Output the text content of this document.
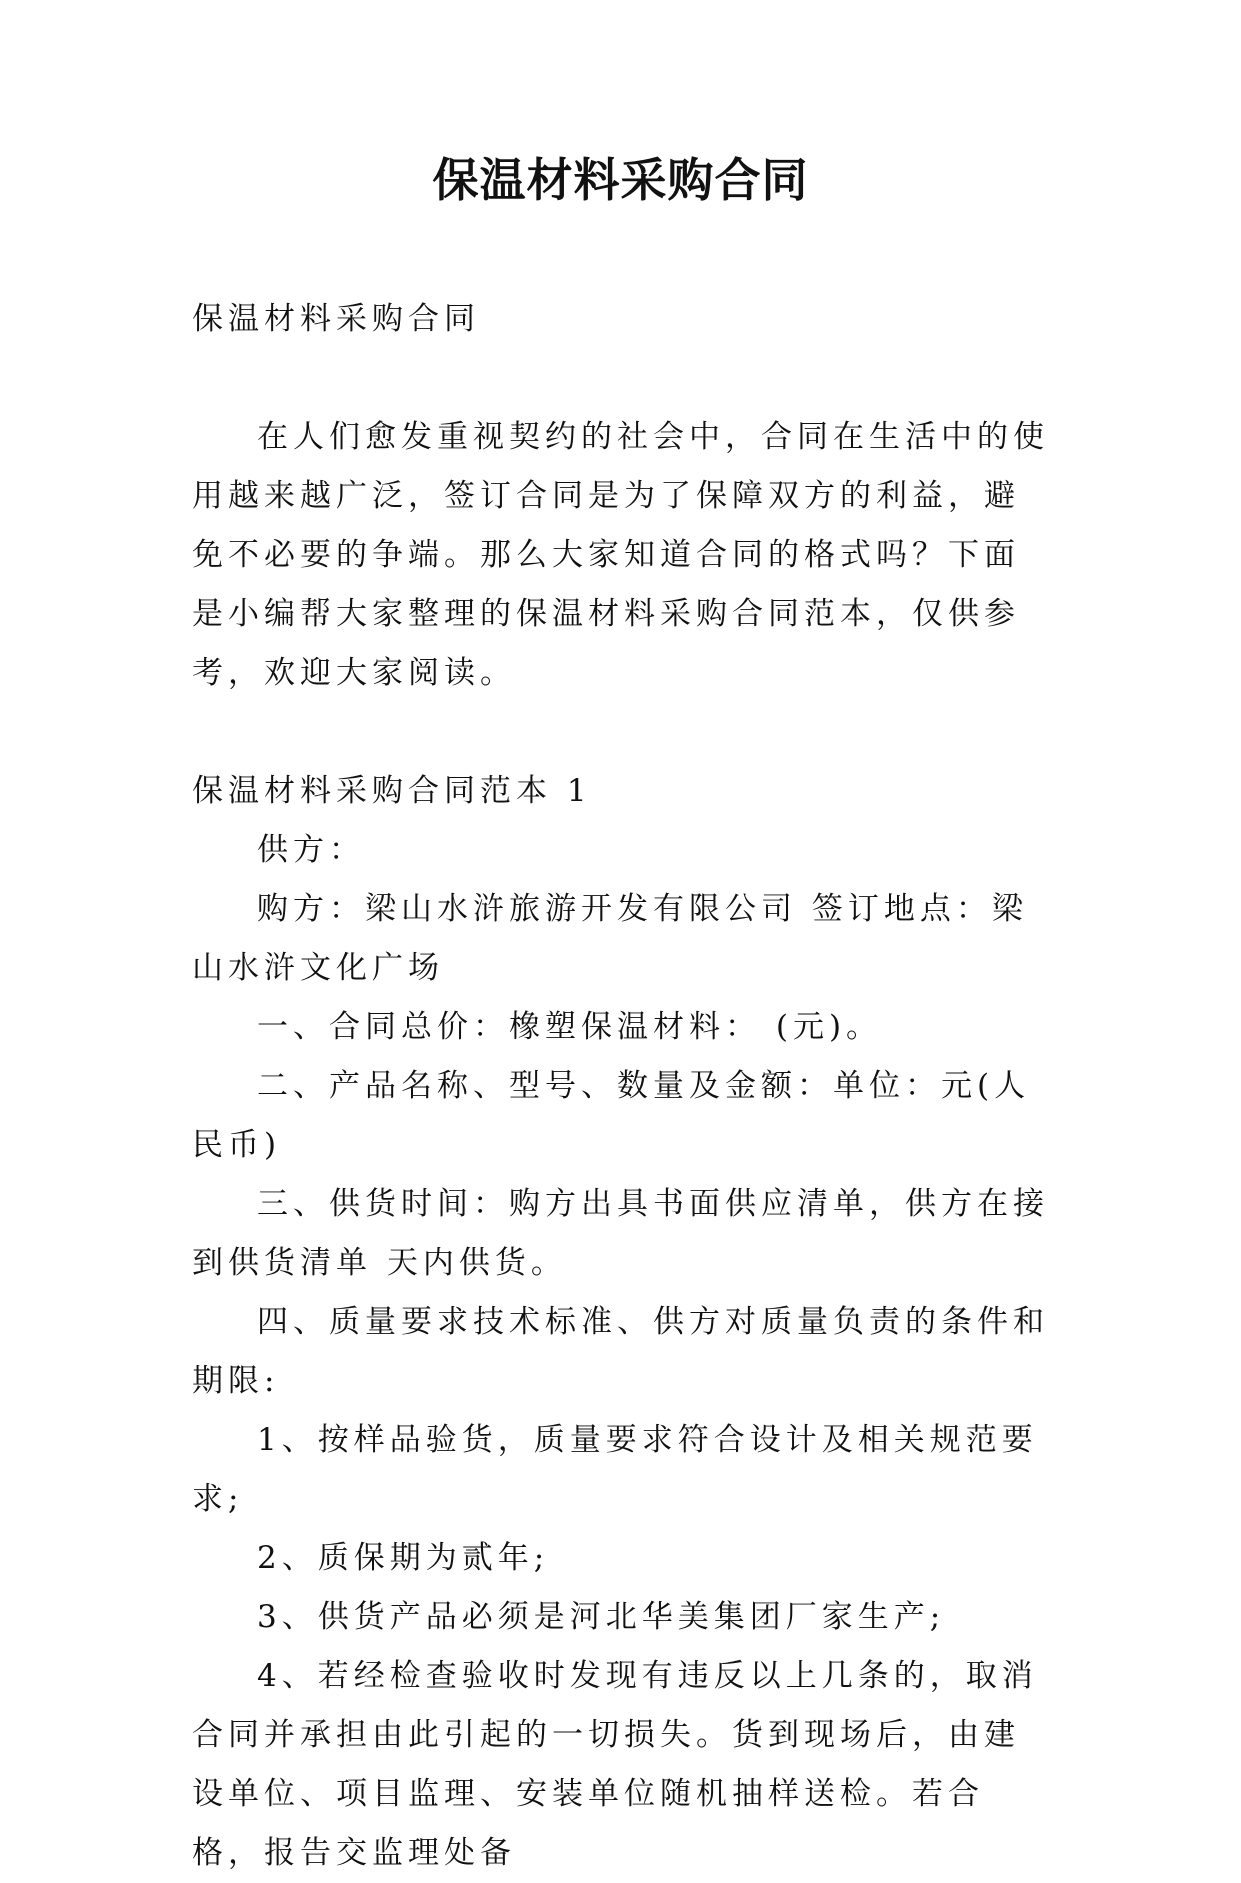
保温材料采购合同

保温材料采购合同

在人们愈发重视契约的社会中，合同在生活中的使用越来越广泛，签订合同是为了保障双方的利益，避免不必要的争端。那么大家知道合同的格式吗？下面是小编帮大家整理的保温材料采购合同范本，仅供参考，欢迎大家阅读。

保温材料采购合同范本 1

供方：

购方：梁山水浒旅游开发有限公司 签订地点：梁山水浒文化广场

一、合同总价：橡塑保温材料： (元)。

二、产品名称、型号、数量及金额：单位：元(人民币)

三、供货时间：购方出具书面供应清单，供方在接到供货清单 天内供货。

四、质量要求技术标准、供方对质量负责的条件和期限:

1、按样品验货，质量要求符合设计及相关规范要求;

2、质保期为贰年;

3、供货产品必须是河北华美集团厂家生产;

4、若经检查验收时发现有违反以上几条的，取消合同并承担由此引起的一切损失。货到现场后，由建设单位、项目监理、安装单位随机抽样送检。若合格，报告交监理处备
